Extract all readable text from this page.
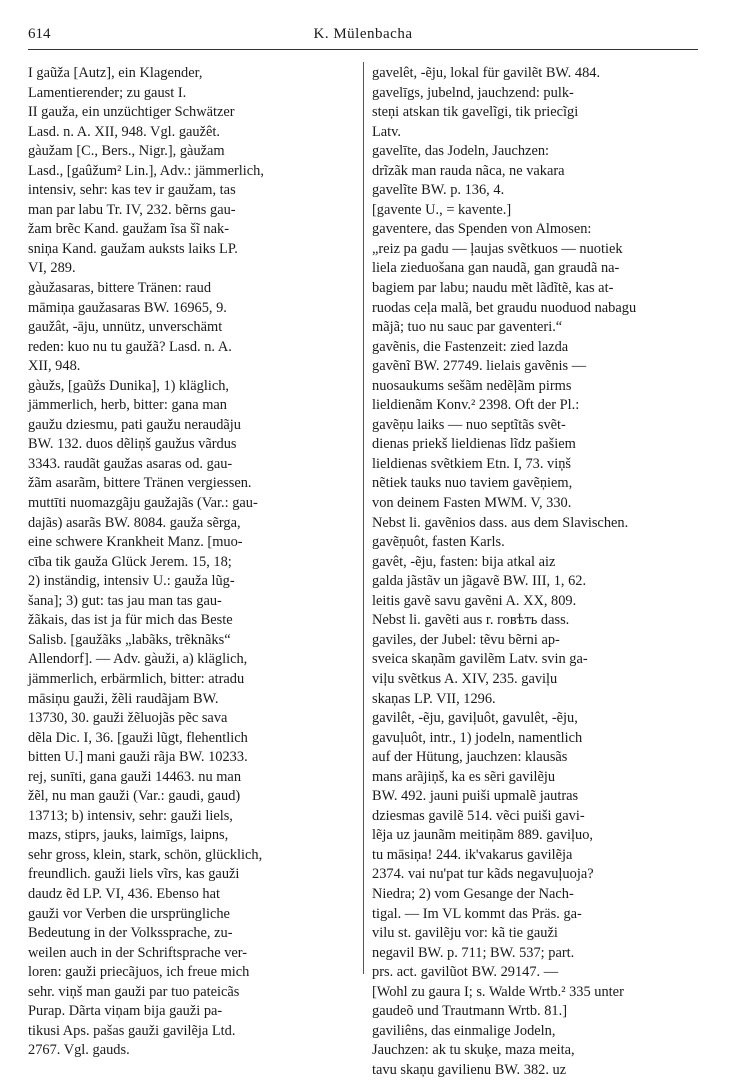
614	K. Mülenbacha
I gaũža [Autz], ein Klagender,
Lamentierender; zu gaust I.
II gauža, ein unzüchtiger Schwätzer
Lasd. n. A. XII, 948. Vgl. gaužêt.
gàužam [C., Bers., Nigr.], gàužam
Lasd., [gaûžum² Lin.], Adv.: jämmerlich,
intensiv, sehr: kas tev ir gaužam, tas
man par labu Tr. IV, 232. bẽrns gau-
žam brẽc Kand. gaužam ĩsa šĩ nak-
sniņa Kand. gaužam auksts laiks LP.
VI, 289.
gàužasaras, bittere Tränen: raud
māmiņa gaužasaras BW. 16965, 9.
gaužât, -āju, unnütz, unverschämt
reden: kuo nu tu gaužã? Lasd. n. A.
XII, 948.
gàužs, [gaũžs Dunika], 1) kläglich,
jämmerlich, herb, bitter: gana man
gaužu dziesmu, pati gaužu neraudãju
BW. 132. duos dẽliņš gaužus vãrdus
3343. raudãt gaužas asaras od. gau-
žãm asarãm, bittere Tränen vergiessen.
muttīti nuomazgãju gaužajãs (Var.: gau-
dajãs) asarãs BW. 8084. gauža sẽrga,
eine schwere Krankheit Manz. [muo-
cība tik gauža Glück Jerem. 15, 18;
2) inständig, intensiv U.: gauža lũg-
šana]; 3) gut: tas jau man tas gau-
žãkais, das ist ja für mich das Beste
Salisb. [gaužãks „labãks, trẽknãks“
Allendorf]. — Adv. gàuži, a) kläglich,
jämmerlich, erbärmlich, bitter: atradu
māsiņu gauži, žẽli raudãjam BW.
13730, 30. gauži žẽluojãs pẽc sava
dẽla Dic. I, 36. [gauži lũgt, flehentlich
bitten U.] mani gauži rãja BW. 10233.
rej, sunīti, gana gauži 14463. nu man
žẽl, nu man gauži (Var.: gaudi, gaud)
13713; b) intensiv, sehr: gauži liels,
mazs, stiprs, jauks, laimīgs, laipns,
sehr gross, klein, stark, schön, glücklich,
freundlich. gauži liels vĩrs, kas gauži
daudz ẽd LP. VI, 436. Ebenso hat
gauži vor Verben die ursprüngliche
Bedeutung in der Volkssprache, zu-
weilen auch in der Schriftsprache ver-
loren: gauži priecãjuos, ich freue mich
sehr. viņš man gauži par tuo pateicãs
Purap. Dãrta viņam bija gauži pa-
tikusi Aps. pašas gauži gavilẽja Ltd.
2767. Vgl. gauds.
gavelêt, -ẽju, lokal für gavilẽt BW. 484.
gavelīgs, jubelnd, jauchzend: pulk-
steņi atskan tik gavelĩgi, tik priecĩgi
Latv.
gavelīte, das Jodeln, Jauchzen:
drĩzãk man rauda nãca, ne vakara
gavelĩte BW. p. 136, 4.
[gavente U., = kavente.]
gaventere, das Spenden von Almosen:
„reiz pa gadu — ļaujas svẽtkuos — nuotiek
liela zieduošana gan naudã, gan graudã na-
bagiem par labu; naudu mẽt lãdĩtẽ, kas at-
ruodas ceļa malã, bet graudu nuoduod nabagu
mãjã; tuo nu sauc par gaventeri.“
gavẽnis, die Fastenzeit: zied lazda
gavẽnĩ BW. 27749. lielais gavẽnis —
nuosaukums sešãm nedẽļãm pirms
lieldienãm Konv.² 2398. Oft der Pl.:
gavẽņu laiks — nuo septĩtãs svẽt-
dienas priekš lieldienas lĩdz pašiem
lieldienas svẽtkiem Etn. I, 73. viņš
nẽtiek tauks nuo taviem gavẽņiem,
von deinem Fasten MWM. V, 330.
Nebst li. gavẽnios dass. aus dem Slavischen.
gavẽņuôt, fasten Karls.
gavêt, -ẽju, fasten: bija atkal aiz
galda jãstãv un jãgavẽ BW. III, 1, 62.
leitis gavẽ savu gavẽni A. XX, 809.
Nebst li. gavẽti aus r. говѣть dass.
gaviles, der Jubel: tẽvu bẽrni ap-
sveica skaņãm gavilẽm Latv. svin ga-
viļu svẽtkus A. XIV, 235. gaviļu
skaņas LP. VII, 1296.
gavilêt, -ẽju, gaviļuôt, gavulêt, -ẽju,
gavuļuôt, intr., 1) jodeln, namentlich
auf der Hütung, jauchzen: klausãs
mans arãjiņš, ka es sẽri gavilẽju
BW. 492. jauni puiši upmalẽ jautras
dziesmas gavilẽ 514. vẽci puiši gavi-
lẽja uz jaunãm meitiņãm 889. gaviļuo,
tu māsiņa! 244. ik'vakarus gavilẽja
2374. vai nu'pat tur kãds negavuļuoja?
Niedra; 2) vom Gesange der Nach-
tigal. — Im VL kommt das Präs. ga-
vilu st. gavilẽju vor: kã tie gauži
negavil BW. p. 711; BW. 537; part.
prs. act. gavilũot BW. 29147. —
[Wohl zu gaura I; s. Walde Wrtb.² 335 unter
gaudeõ und Trautmann Wrtb. 81.]
gaviliêns, das einmalige Jodeln,
Jauchzen: ak tu skuķe, maza meita,
tavu skaņu gavilienu BW. 382. uz
